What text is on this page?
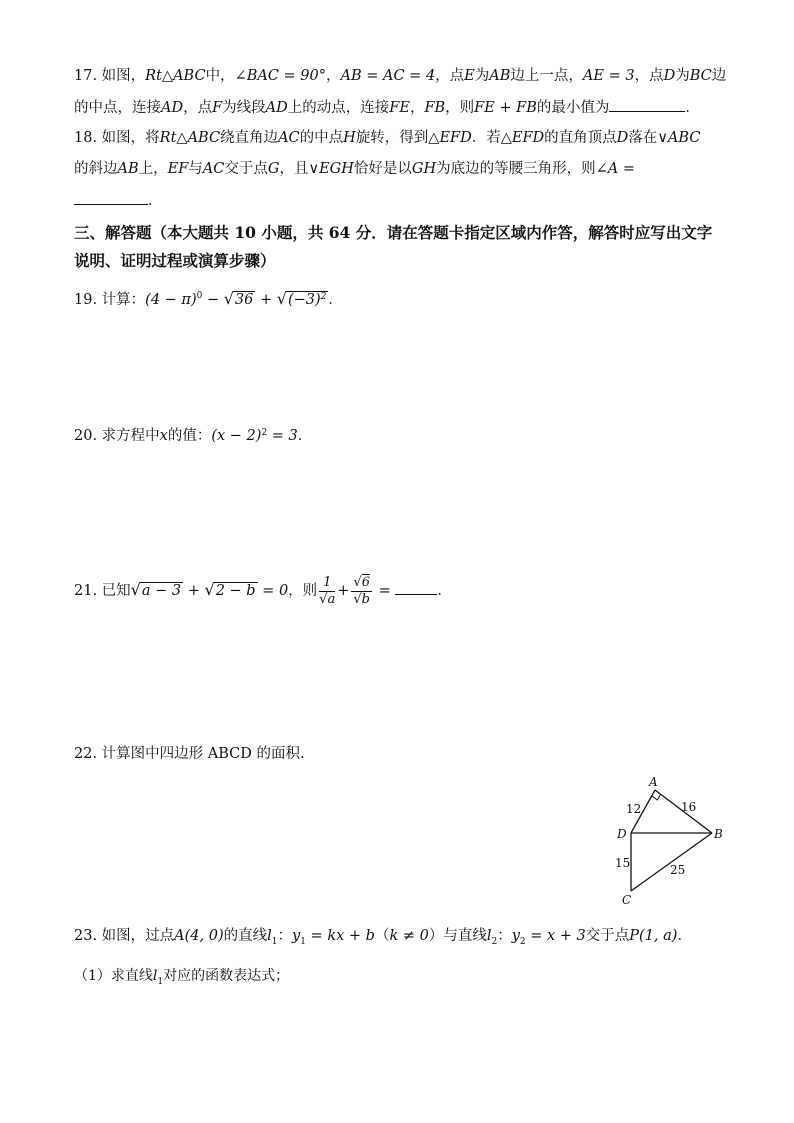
17. 如图，Rt△ABC中，∠BAC = 90°，AB = AC = 4，点E为AB边上一点，AE = 3，点D为BC边
的中点，连接AD，点F为线段AD上的动点，连接FE，FB，则FE + FB的最小值为	．
18. 如图，将Rt△ABC绕直角边AC的中点H旋转，得到△EFD．若△EFD的直角顶点D落在∨ABC
的斜边AB上，EF与AC交于点G，且∨EGH恰好是以GH为底边的等腰三角形，则∠A =
．
三、解答题（本大题共 10 小题，共 64 分．请在答题卡指定区域内作答，解答时应写出文字
说明、证明过程或演算步骤）
19. 计算：$(4 - \pi)^0 - √36 + √(-3)^2$ ．
20. 求方程中x的值：$(x - 2)^2 = 3$．
21. 已知√a − 3 + √2 − b = 0，则 $\frac{1}{√a} + \frac{√6}{√b}$ =	．
22. 计算图中四边形 ABCD 的面积.
A
B
C
D
12	16
15	25
23. 如图，过点A(4, 0)的直线$l_1$：$y_1$ = kx + b（k ≠ 0）与直线$l_2$：$y_2 = x + 3$交于点P(1, a)．
（1）求直线$l_1$对应的函数表达式；
